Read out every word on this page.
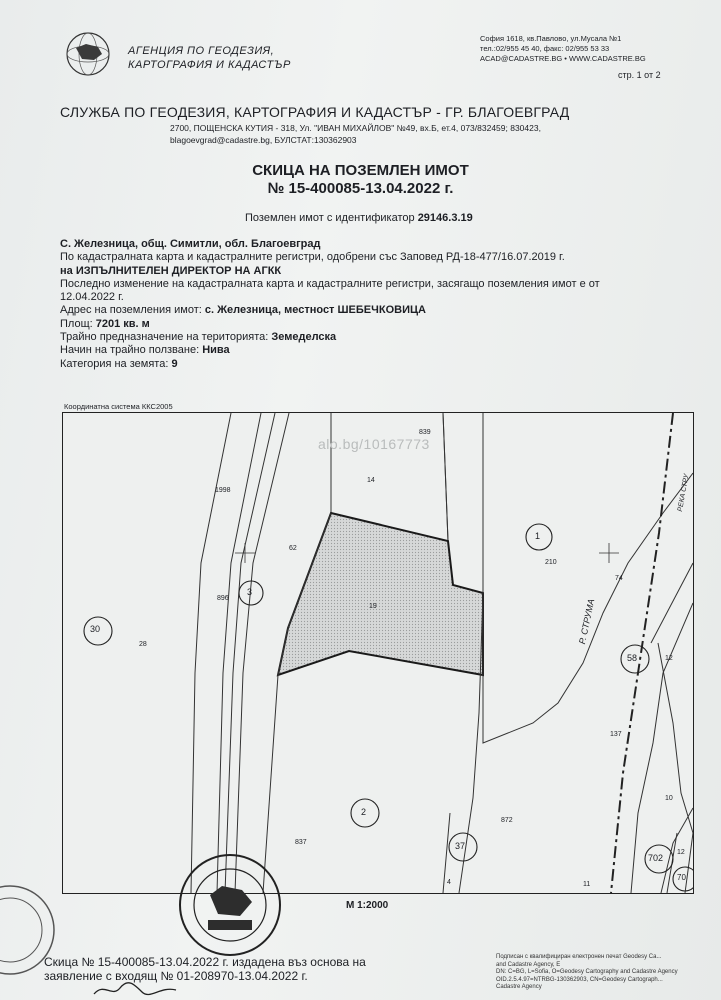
АГЕНЦИЯ ПО ГЕОДЕЗИЯ,
КАРТОГРАФИЯ И КАДАСТЪР
София 1618, кв.Павлово, ул.Мусала №1
тел.:02/955 45 40, факс: 02/955 53 33
ACAD@CADASTRE.BG • WWW.CADASTRE.BG
стр. 1 от 2
СЛУЖБА ПО ГЕОДЕЗИЯ, КАРТОГРАФИЯ И КАДАСТЪР - ГР. БЛАГОЕВГРАД
2700, ПОЩЕНСКА КУТИЯ - 318, Ул. "ИВАН МИХАЙЛОВ" №49, вх.Б, ет.4, 073/832459; 830423,
blagoevgrad@cadastre.bg, БУЛСТАТ:130362903
СКИЦА НА ПОЗЕМЛЕН ИМОТ
№ 15-400085-13.04.2022 г.
Поземлен имот с идентификатор 29146.3.19
С. Железница, общ. Симитли, обл. Благоевград
По кадастралната карта и кадастралните регистри, одобрени със Заповед РД-18-477/16.07.2019 г.
на ИЗПЪЛНИТЕЛЕН ДИРЕКТОР НА АГКК
Последно изменение на кадастралната карта и кадастралните регистри, засягащо поземления имот е от
12.04.2022 г.
Адрес на поземления имот: с. Железница, местност ШЕБЕЧКОВИЦА
Площ: 7201 кв. м
Трайно предназначение на територията: Земеделска
Начин на трайно ползване: Нива
Категория на земята: 9
Координатна система ККС2005
839
14
1998
62
896
19
210
74
28
12
137
10
872
837
4	11
12
1
3
30
58
2
37
702
70
Р. СТРУМА
РЕКА СТРУ
alo.bg/10167773
М 1:2000
Скица № 15-400085-13.04.2022 г. издадена въз основа на
заявление с входящ № 01-208970-13.04.2022 г.
Подписан с квалифициран електронен печат Geodesy Ca...
and Cadastre Agency, E
DN: C=BG, L=Sofia, O=Geodesy Cartography and Cadastre Agency
OID.2.5.4.97=NTRBG-130362903, CN=Geodesy Cartograph...
Cadastre Agency
